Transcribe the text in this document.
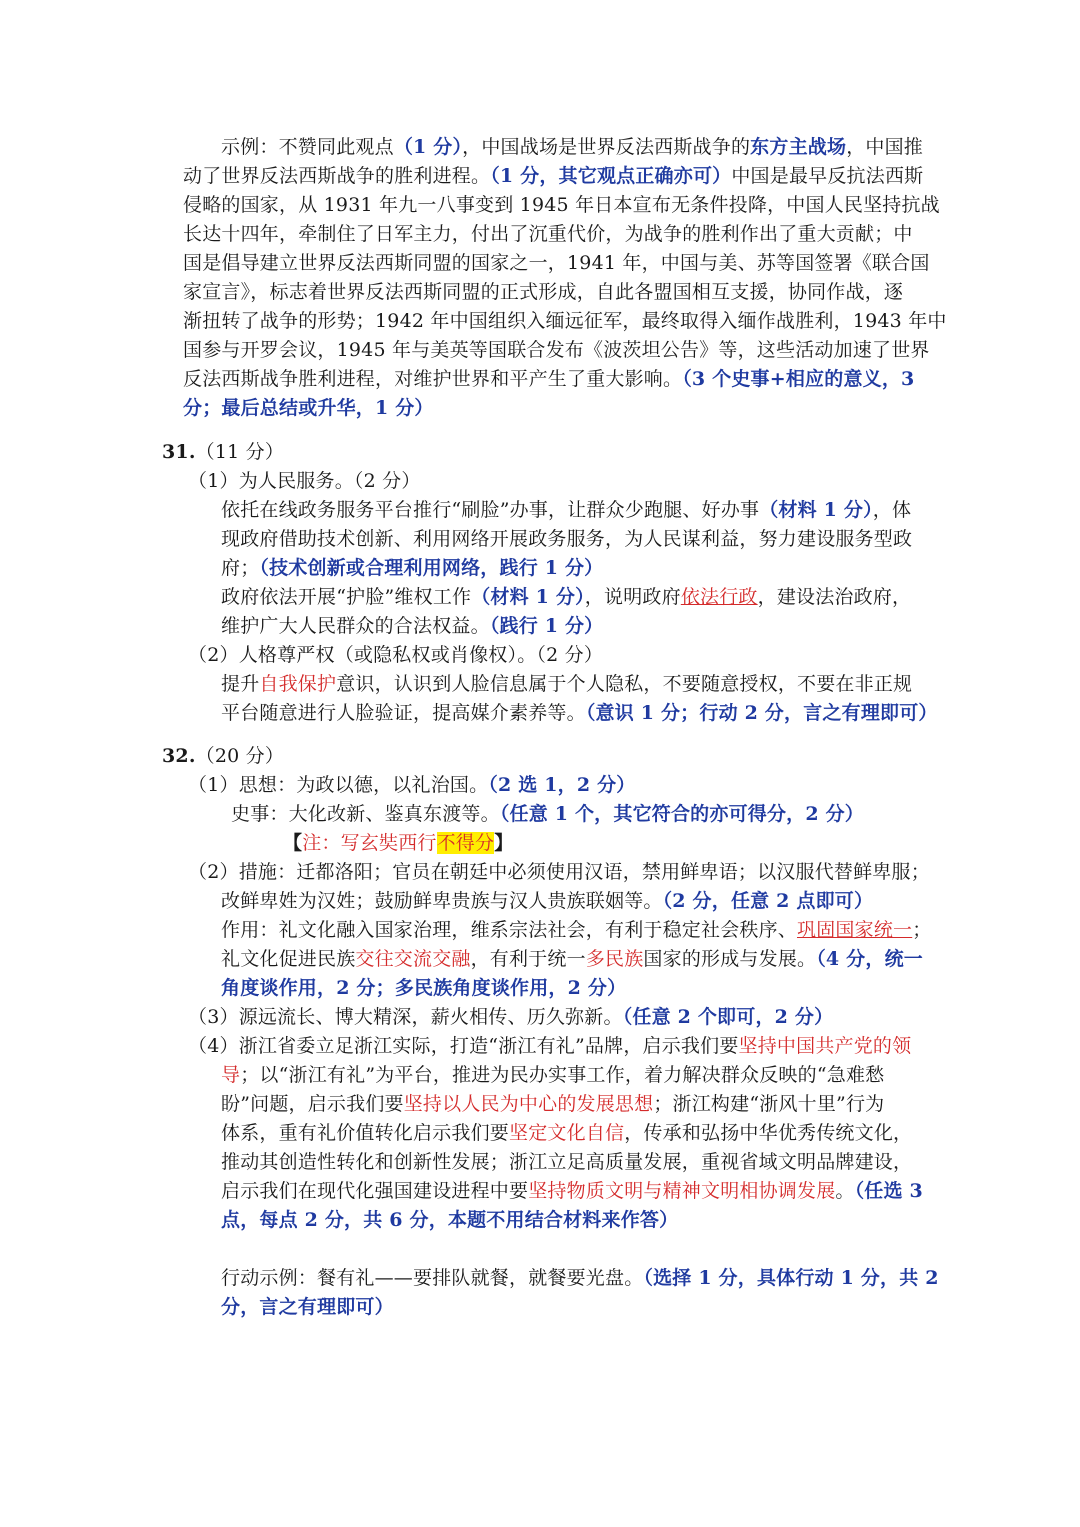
示例：不赞同此观点（1 分），中国战场是世界反法西斯战争的东方主战场，中国推
动了世界反法西斯战争的胜利进程。（1 分，其它观点正确亦可）中国是最早反抗法西斯
侵略的国家，从 1931 年九一八事变到 1945 年日本宣布无条件投降，中国人民坚持抗战
长达十四年，牵制住了日军主力，付出了沉重代价，为战争的胜利作出了重大贡献；中
国是倡导建立世界反法西斯同盟的国家之一，1941 年，中国与美、苏等国签署《联合国
家宣言》，标志着世界反法西斯同盟的正式形成，自此各盟国相互支援，协同作战，逐
渐扭转了战争的形势；1942 年中国组织入缅远征军，最终取得入缅作战胜利，1943 年中
国参与开罗会议，1945 年与美英等国联合发布《波茨坦公告》等，这些活动加速了世界
反法西斯战争胜利进程，对维护世界和平产生了重大影响。（3 个史事+相应的意义，3
分；最后总结或升华，1 分）
31.（11 分）
（1）为人民服务。（2 分）
依托在线政务服务平台推行“刷脸”办事，让群众少跑腿、好办事（材料 1 分），体
现政府借助技术创新、利用网络开展政务服务，为人民谋利益，努力建设服务型政
府；（技术创新或合理利用网络，践行 1 分）
政府依法开展“护脸”维权工作（材料 1 分），说明政府依法行政，建设法治政府，
维护广大人民群众的合法权益。（践行 1 分）
（2）人格尊严权（或隐私权或肖像权）。（2 分）
提升自我保护意识，认识到人脸信息属于个人隐私，不要随意授权，不要在非正规
平台随意进行人脸验证，提高媒介素养等。（意识 1 分；行动 2 分，言之有理即可）
32.（20 分）
（1）思想：为政以德，以礼治国。（2 选 1，2 分）
史事：大化改新、鉴真东渡等。（任意 1 个，其它符合的亦可得分，2 分）
【注：写玄奘西行不得分】
（2）措施：迁都洛阳；官员在朝廷中必须使用汉语，禁用鲜卑语；以汉服代替鲜卑服；
改鲜卑姓为汉姓；鼓励鲜卑贵族与汉人贵族联姻等。（2 分，任意 2 点即可）
作用：礼文化融入国家治理，维系宗法社会，有利于稳定社会秩序、巩固国家统一；
礼文化促进民族交往交流交融，有利于统一多民族国家的形成与发展。（4 分，统一
角度谈作用，2 分；多民族角度谈作用，2 分）
（3）源远流长、博大精深，薪火相传、历久弥新。（任意 2 个即可，2 分）
（4）浙江省委立足浙江实际，打造“浙江有礼”品牌，启示我们要坚持中国共产党的领
导；以“浙江有礼”为平台，推进为民办实事工作，着力解决群众反映的“急难愁
盼”问题，启示我们要坚持以人民为中心的发展思想；浙江构建“浙风十里”行为
体系，重有礼价值转化启示我们要坚定文化自信，传承和弘扬中华优秀传统文化，
推动其创造性转化和创新性发展；浙江立足高质量发展，重视省域文明品牌建设，
启示我们在现代化强国建设进程中要坚持物质文明与精神文明相协调发展。（任选 3
点，每点 2 分，共 6 分，本题不用结合材料来作答）
行动示例：餐有礼——要排队就餐，就餐要光盘。（选择 1 分，具体行动 1 分，共 2
分，言之有理即可）
